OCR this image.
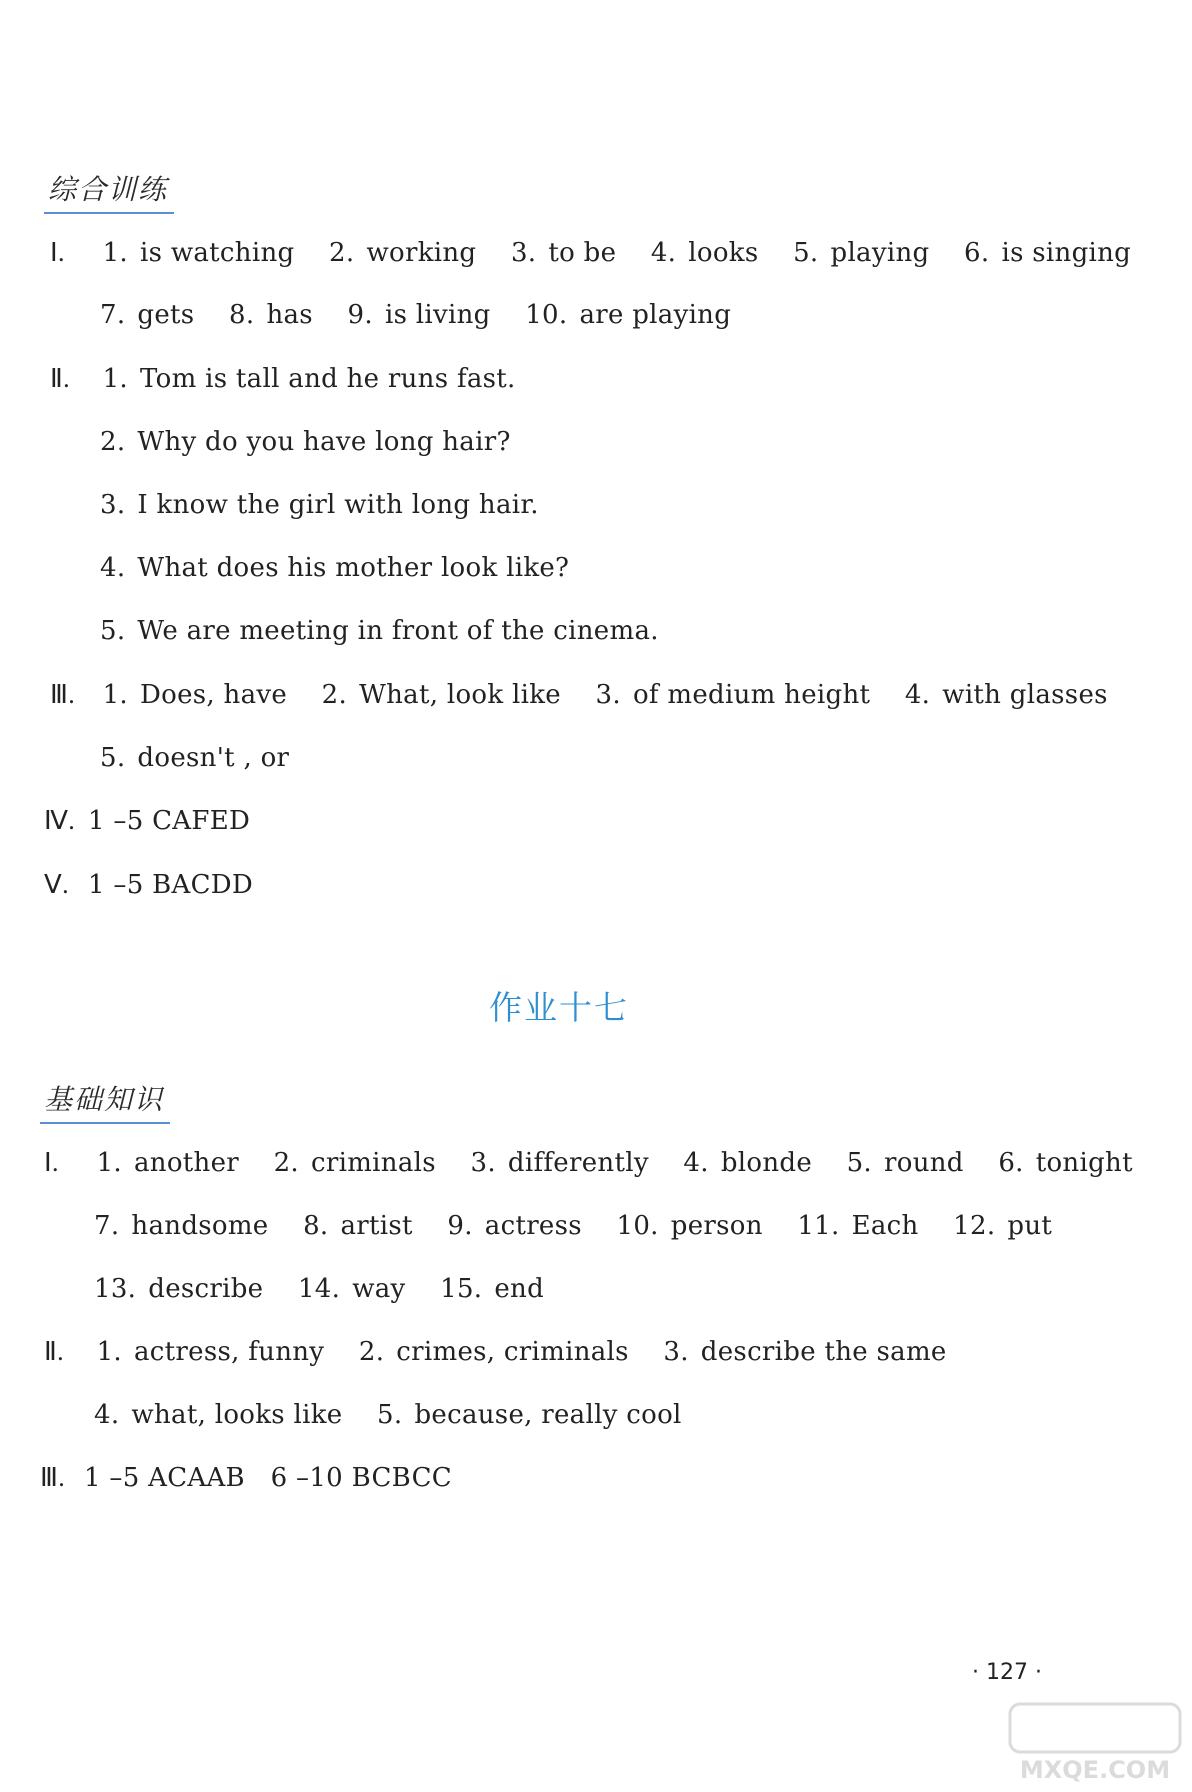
综合训练
Ⅰ. 1. is watching 2. working 3. to be 4. looks 5. playing 6. is singing
7. gets 8. has 9. is living 10. are playing
Ⅱ. 1. Tom is tall and he runs fast.
2. Why do you have long hair?
3. I know the girl with long hair.
4. What does his mother look like?
5. We are meeting in front of the cinema.
Ⅲ. 1. Does, have 2. What, look like 3. of medium height 4. with glasses
5. doesn't , or
Ⅳ. 1 –5 CAFED
Ⅴ. 1 –5 BACDD
作业十七
基础知识
Ⅰ. 1. another 2. criminals 3. differently 4. blonde 5. round 6. tonight
7. handsome 8. artist 9. actress 10. person 11. Each 12. put
13. describe 14. way 15. end
Ⅱ. 1. actress, funny 2. crimes, criminals 3. describe the same
4. what, looks like 5. because, really cool
Ⅲ. 1 –5 ACAAB   6 –10 BCBCC
· 127 ·
MXQE.COM
